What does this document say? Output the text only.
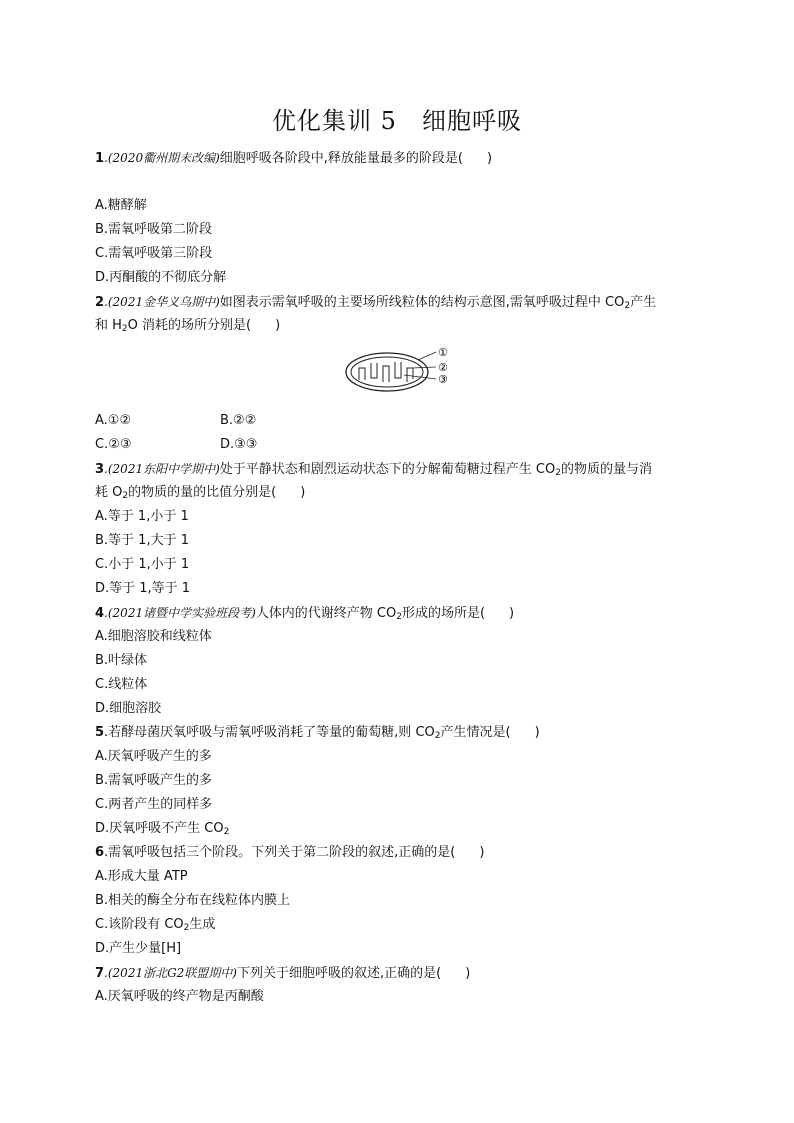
优化集训 5　细胞呼吸
1.(2020衢州期末改编)细胞呼吸各阶段中,释放能量最多的阶段是( )
A.糖酵解
B.需氧呼吸第二阶段
C.需氧呼吸第三阶段
D.丙酮酸的不彻底分解
2.(2021金华义乌期中)如图表示需氧呼吸的主要场所线粒体的结构示意图,需氧呼吸过程中 $CO_2$产生
和 $H_2O$ 消耗的场所分别是( )
①
②
③
A.①②	B.②②
C.②③	D.③③
3.(2021东阳中学期中)处于平静状态和剧烈运动状态下的分解葡萄糖过程产生 $CO_2$的物质的量与消
耗 $O_2$的物质的量的比值分别是( )
A.等于 1,小于 1
B.等于 1,大于 1
C.小于 1,小于 1
D.等于 1,等于 1
4.(2021诸暨中学实验班段考)人体内的代谢终产物 $CO_2$形成的场所是( )
A.细胞溶胶和线粒体
B.叶绿体
C.线粒体
D.细胞溶胶
5.若酵母菌厌氧呼吸与需氧呼吸消耗了等量的葡萄糖,则 $CO_2$产生情况是( )
A.厌氧呼吸产生的多
B.需氧呼吸产生的多
C.两者产生的同样多
D.厌氧呼吸不产生 $CO_2$
6.需氧呼吸包括三个阶段。下列关于第二阶段的叙述,正确的是( )
A.形成大量 ATP
B.相关的酶全分布在线粒体内膜上
C.该阶段有 $CO_2$生成
D.产生少量[H]
7.(2021浙北G2联盟期中)下列关于细胞呼吸的叙述,正确的是( )
A.厌氧呼吸的终产物是丙酮酸
